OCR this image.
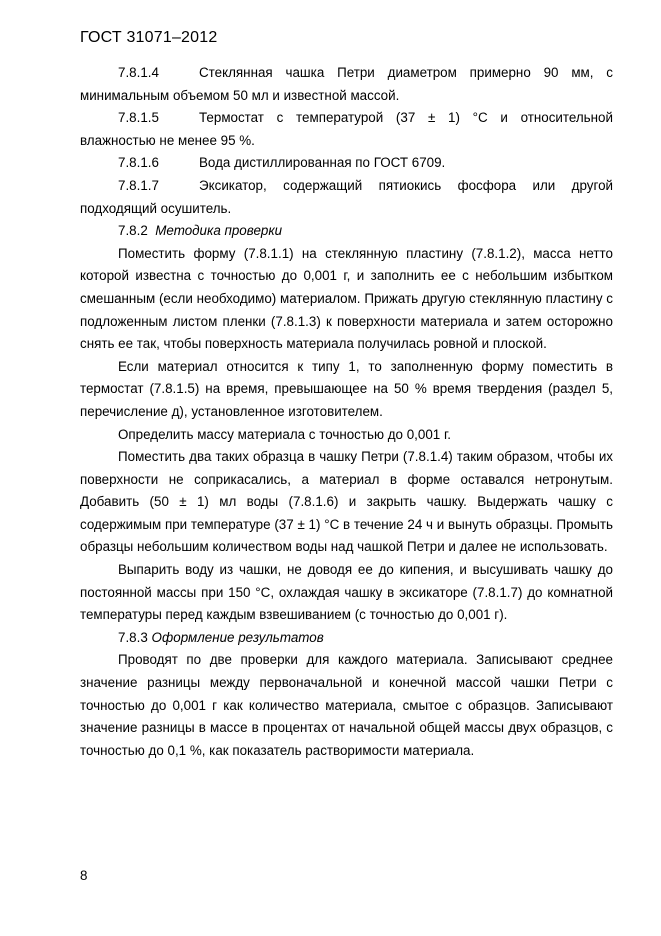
ГОСТ 31071–2012
7.8.1.4	Стеклянная чашка Петри диаметром примерно 90 мм, с
минимальным объемом 50 мл и известной массой.
7.8.1.5	Термостат с температурой (37 ± 1) °С и относительной
влажностью не менее 95 %.
7.8.1.6	Вода дистиллированная по ГОСТ 6709.
7.8.1.7	Эксикатор, содержащий пятиокись фосфора или другой
подходящий осушитель.

7.8.2 Методика проверки

Поместить форму (7.8.1.1) на стеклянную пластину (7.8.1.2), масса нетто которой известна с точностью до 0,001 г, и заполнить ее с небольшим избытком смешанным (если необходимо) материалом. Прижать другую стеклянную пластину с подложенным листом пленки (7.8.1.3) к поверхности материала и затем осторожно снять ее так, чтобы поверхность материала получилась ровной и плоской.

Если материал относится к типу 1, то заполненную форму поместить в термостат (7.8.1.5) на время, превышающее на 50 % время твердения (раздел 5, перечисление д), установленное изготовителем.

Определить массу материала с точностью до 0,001 г.

Поместить два таких образца в чашку Петри (7.8.1.4) таким образом, чтобы их поверхности не соприкасались, а материал в форме оставался нетронутым. Добавить (50 ± 1) мл воды (7.8.1.6) и закрыть чашку. Выдержать чашку с содержимым при температуре (37 ± 1) °С в течение 24 ч и вынуть образцы. Промыть образцы небольшим количеством воды над чашкой Петри и далее не использовать.

Выпарить воду из чашки, не доводя ее до кипения, и высушивать чашку до постоянной массы при 150 °С, охлаждая чашку в эксикаторе (7.8.1.7) до комнатной температуры перед каждым взвешиванием (с точностью до 0,001 г).

7.8.3 Оформление результатов

Проводят по две проверки для каждого материала. Записывают среднее значение разницы между первоначальной и конечной массой чашки Петри с точностью до 0,001 г как количество материала, смытое с образцов. Записывают значение разницы в массе в процентах от начальной общей массы двух образцов, с точностью до 0,1 %, как показатель растворимости материала.

8
